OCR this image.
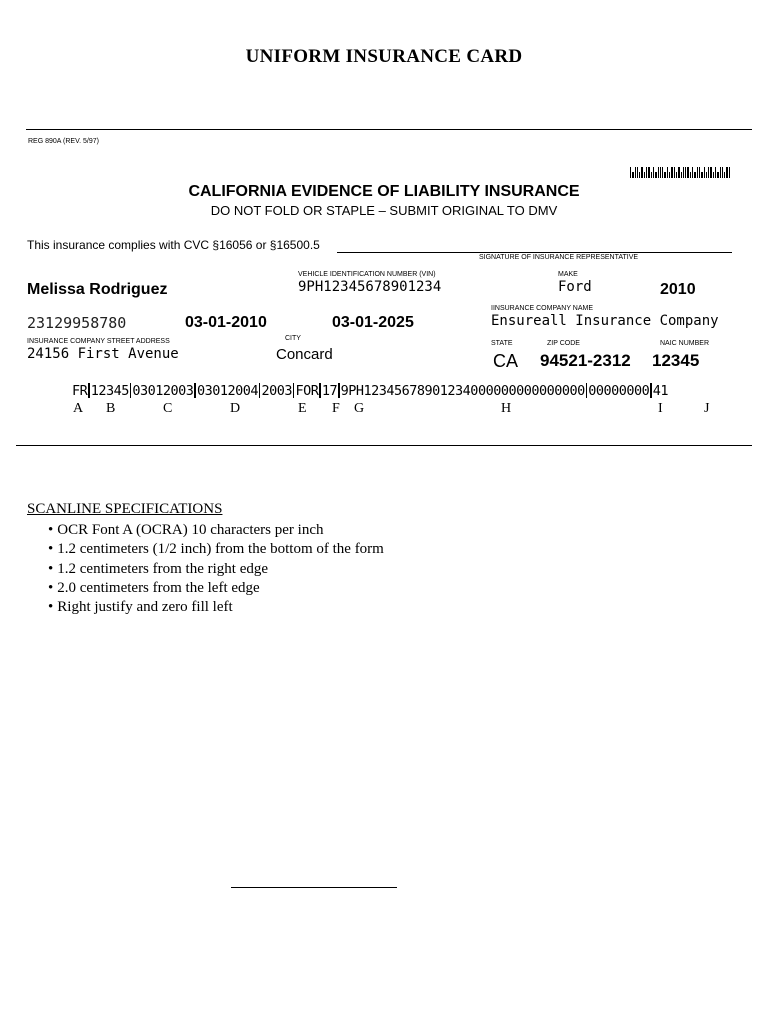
UNIFORM INSURANCE CARD
REG 890A (REV. 5/97)
CALIFORNIA EVIDENCE OF LIABILITY INSURANCE
DO NOT FOLD OR STAPLE – SUBMIT ORIGINAL TO DMV
This insurance complies with CVC §16056 or §16500.5
SIGNATURE OF INSURANCE REPRESENTATIVE
Melissa Rodriguez
VEHICLE IDENTIFICATION NUMBER (VIN)
9PH12345678901234
MAKE
Ford	2010
IINSURANCE COMPANY NAME
Ensureall Insurance Company
23129958780	03-01-2010	03-01-2025
INSURANCE COMPANY STREET ADDRESS
24156 First Avenue
CITY
Concard
STATE	ZIP CODE	NAIC NUMBER
CA 94521-2312 12345
FR 12345 03012003 03012004 2003 FOR 17 9PH12345678901234000000000000000 00000000 41
A B	C	D	E F G	H	I	J
SCANLINE SPECIFICATIONS
• OCR Font A (OCRA) 10 characters per inch
• 1.2 centimeters (1/2 inch) from the bottom of the form
• 1.2 centimeters from the right edge
• 2.0 centimeters from the left edge
• Right justify and zero fill left
